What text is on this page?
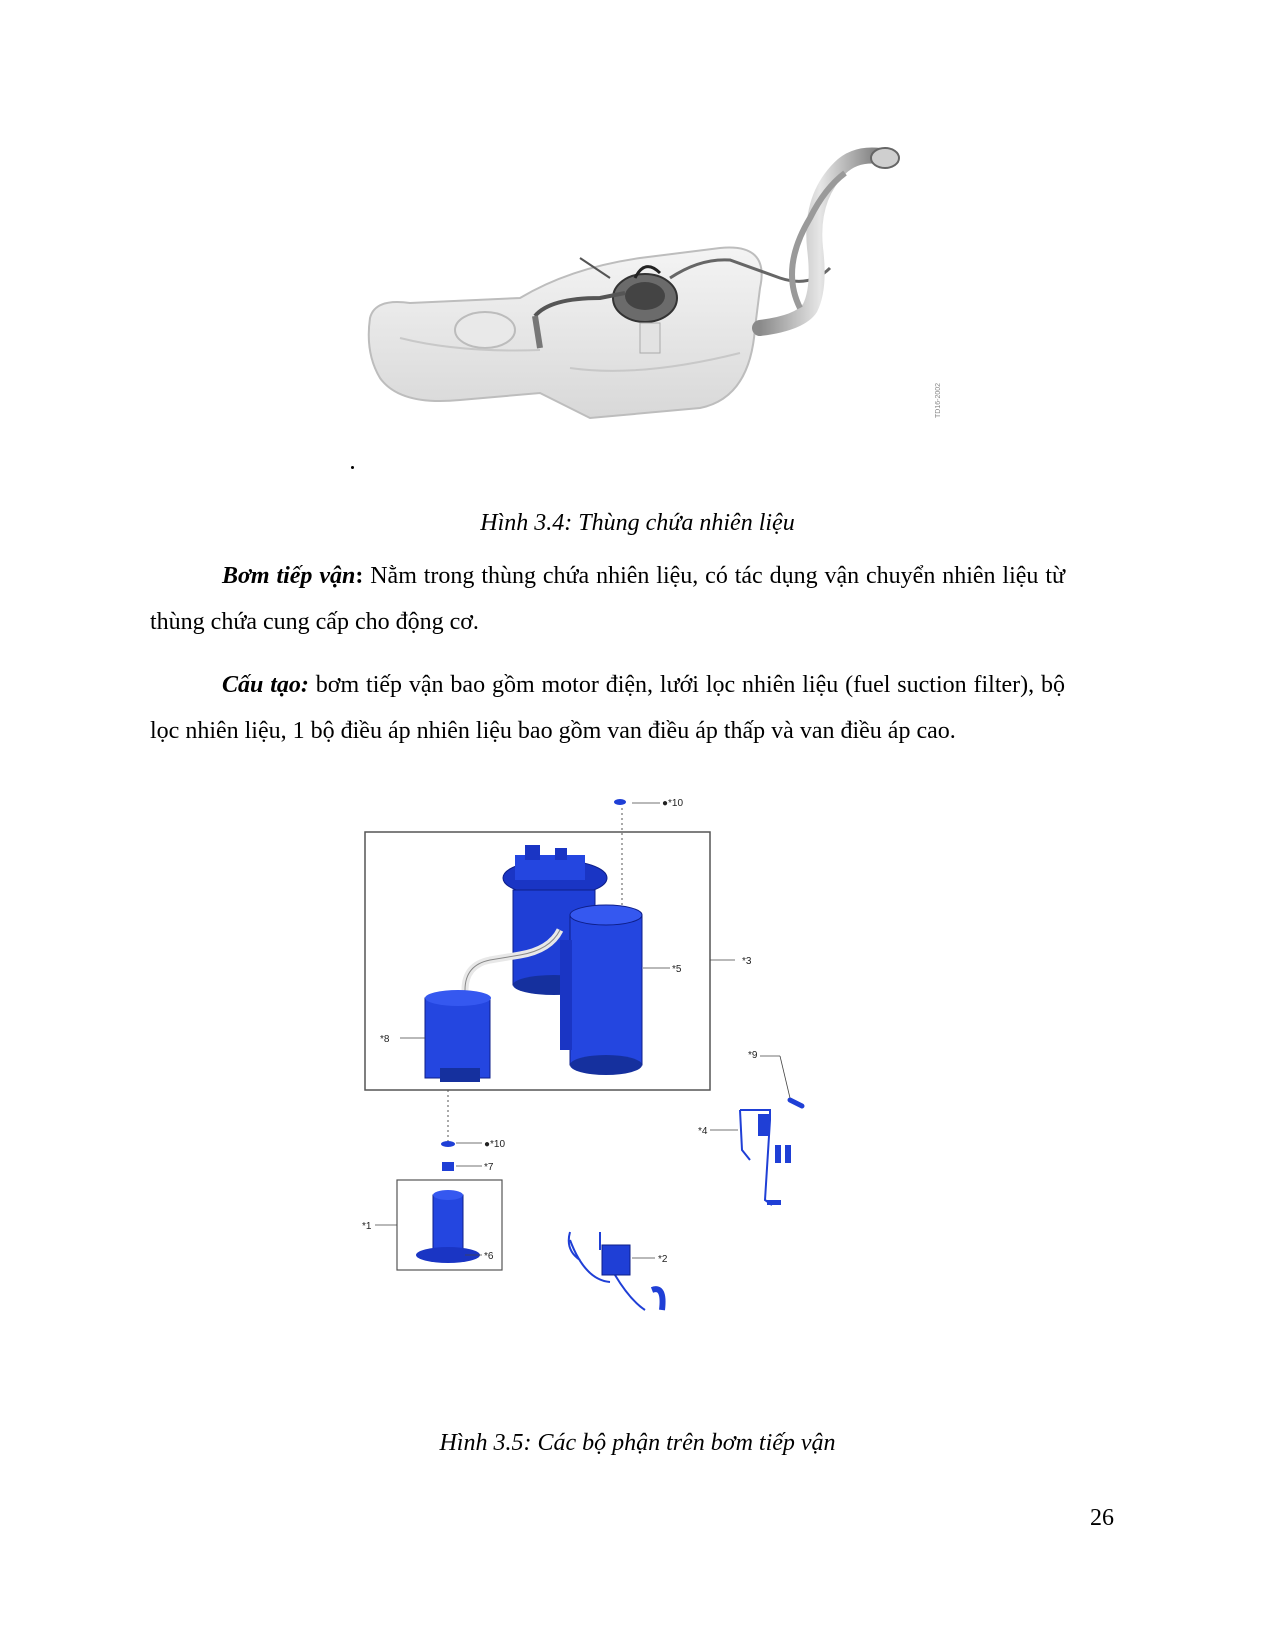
TD16-2002
Hình 3.4: Thùng chứa nhiên liệu

Bơm tiếp vận: Nằm trong thùng chứa nhiên liệu, có tác dụng vận chuyển nhiên liệu từ thùng chứa cung cấp cho động cơ.

Cấu tạo: bơm tiếp vận bao gồm motor điện, lưới lọc nhiên liệu (fuel suction filter), bộ lọc nhiên liệu, 1 bộ điều áp nhiên liệu bao gồm van điều áp thấp và van điều áp cao.

●*10
*5
*3
*8
*9
*4
●*10
*7
*1
*6	*2
Hình 3.5: Các bộ phận trên bơm tiếp vận
26
